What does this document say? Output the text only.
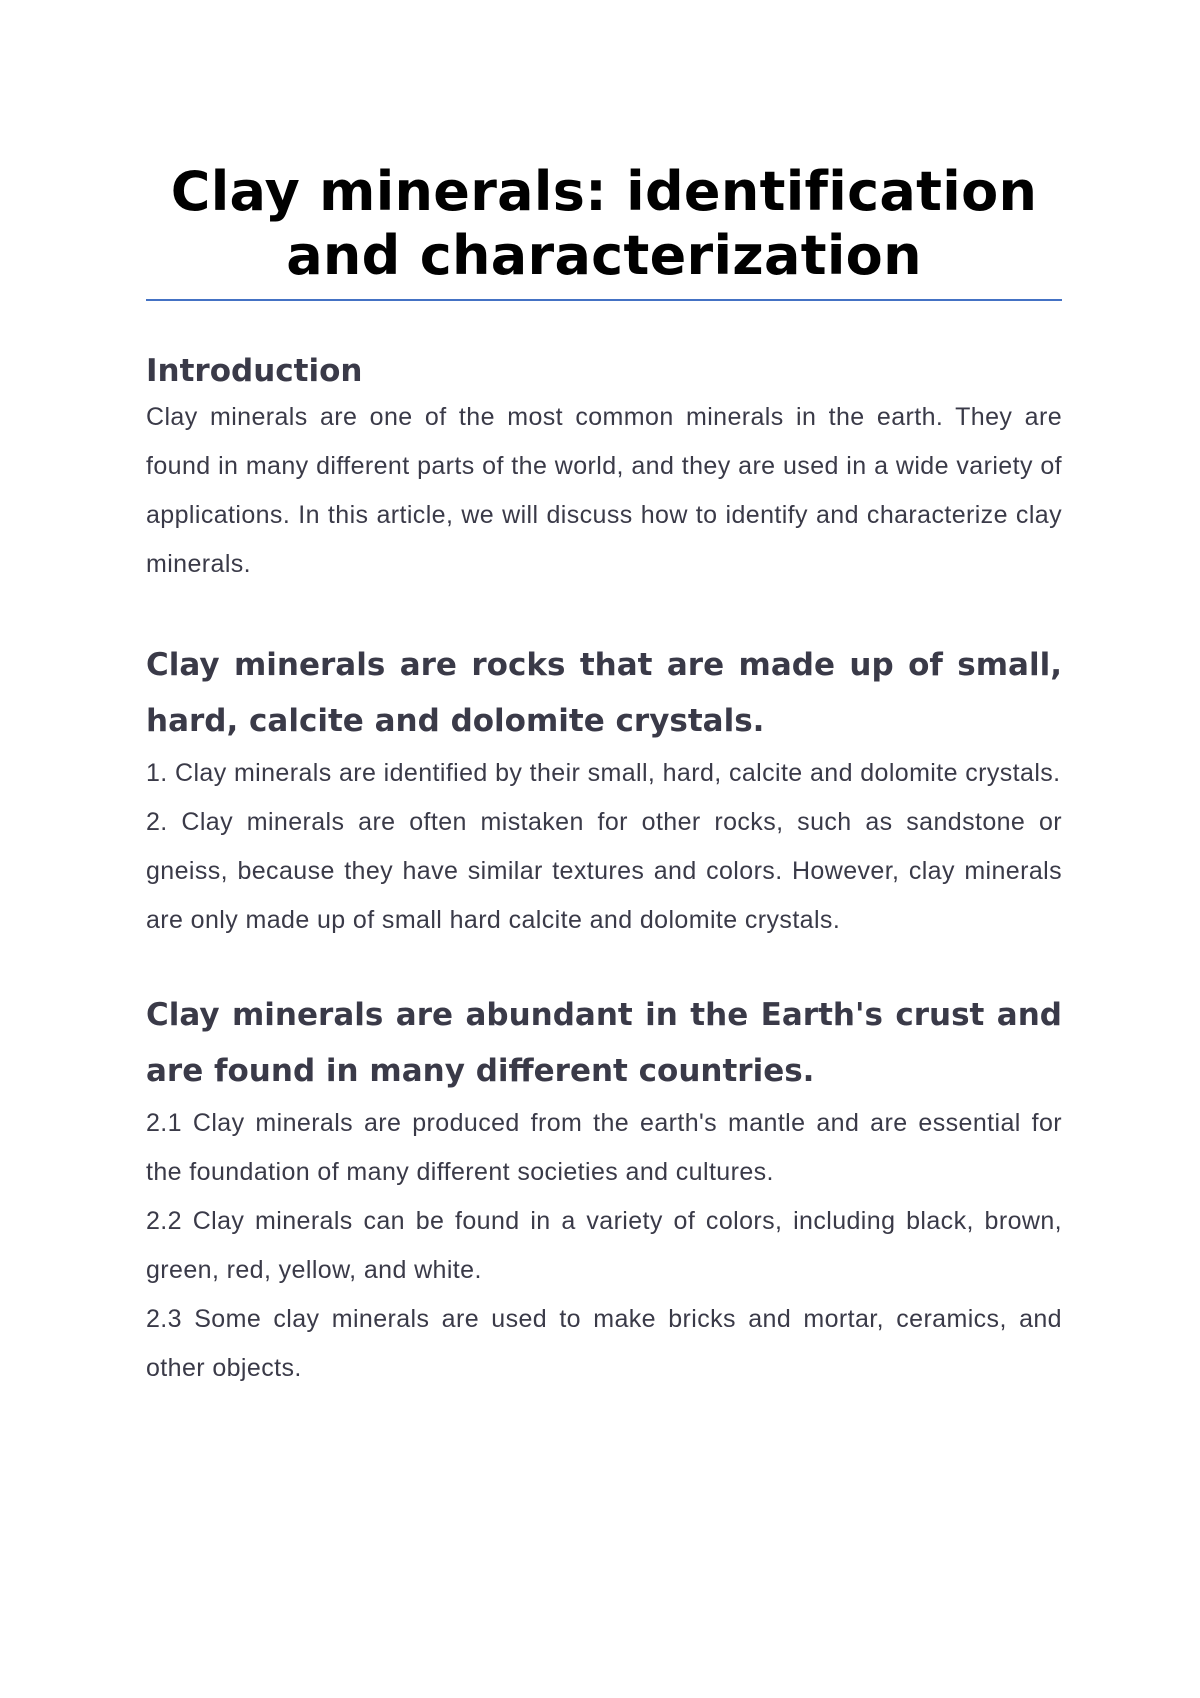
Clay minerals: identification and characterization
Introduction

Clay minerals are one of the most common minerals in the earth. They are found in many different parts of the world, and they are used in a wide variety of applications. In this article, we will discuss how to identify and characterize clay minerals.

Clay minerals are rocks that are made up of small, hard, calcite and dolomite crystals.

1. Clay minerals are identified by their small, hard, calcite and dolomite crystals.

2. Clay minerals are often mistaken for other rocks, such as sandstone or gneiss, because they have similar textures and colors. However, clay minerals are only made up of small hard calcite and dolomite crystals.

Clay minerals are abundant in the Earth's crust and are found in many different countries.

2.1 Clay minerals are produced from the earth's mantle and are essential for the foundation of many different societies and cultures.

2.2 Clay minerals can be found in a variety of colors, including black, brown, green, red, yellow, and white.

2.3 Some clay minerals are used to make bricks and mortar, ceramics, and other objects.
